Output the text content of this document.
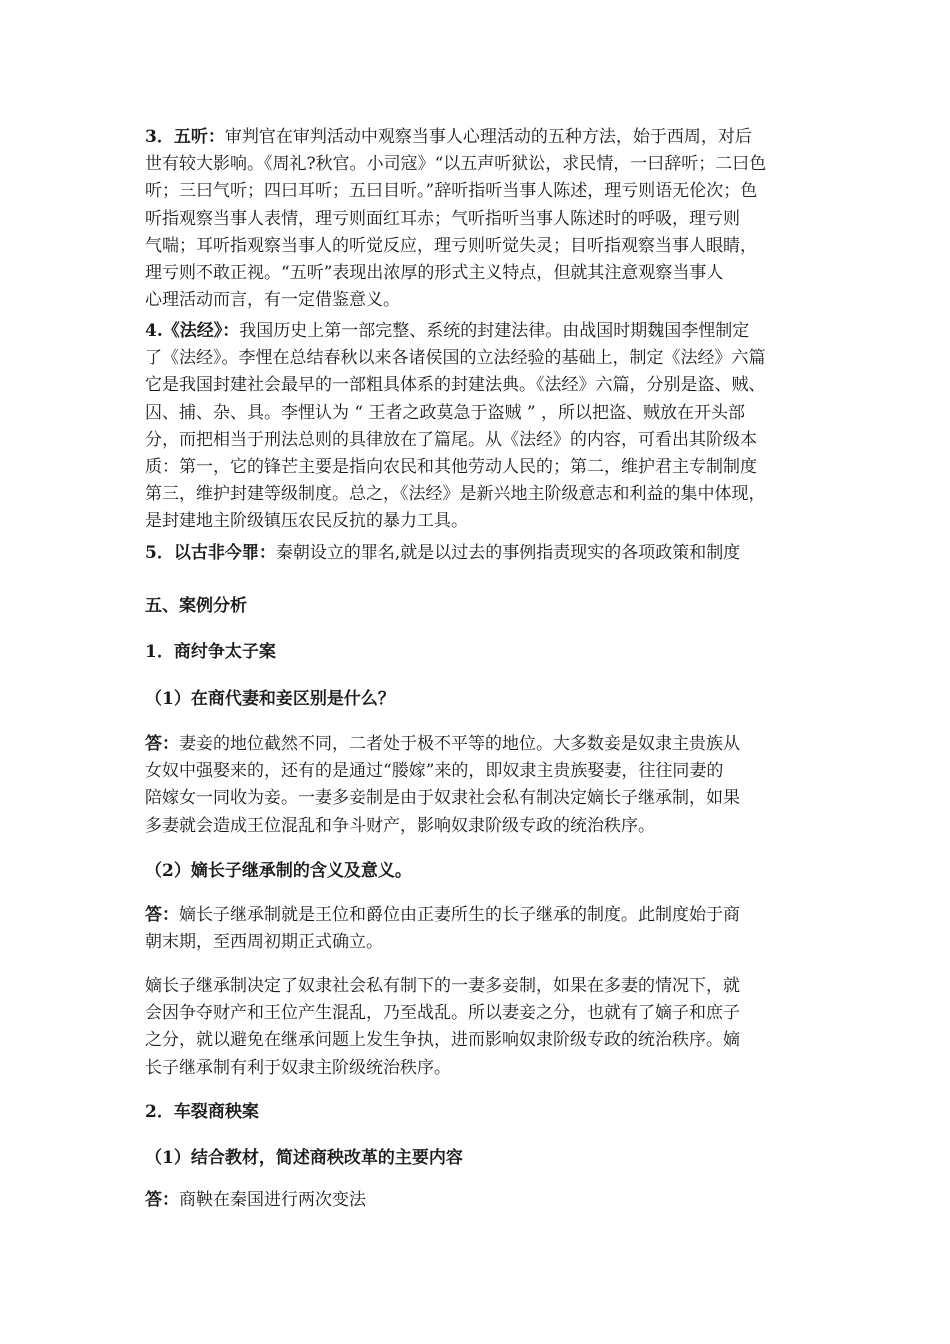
3．五听：审判官在审判活动中观察当事人心理活动的五种方法，始于西周，对后
世有较大影响。《周礼?秋官。小司寇》“以五声听狱讼，求民情，一曰辞听；二曰色
听；三曰气听；四曰耳听；五曰目听。”辞听指听当事人陈述，理亏则语无伦次；色
听指观察当事人表情，理亏则面红耳赤；气听指听当事人陈述时的呼吸，理亏则
气喘；耳听指观察当事人的听觉反应，理亏则听觉失灵；目听指观察当事人眼睛，
理亏则不敢正视。“五听”表现出浓厚的形式主义特点，但就其注意观察当事人
心理活动而言，有一定借鉴意义。
4.《法经》：我国历史上第一部完整、系统的封建法律。由战国时期魏国李悝制定
了《法经》。李悝在总结春秋以来各诸侯国的立法经验的基础上，制定《法经》六篇
它是我国封建社会最早的一部粗具体系的封建法典。《法经》六篇，分别是盗、贼、
囚、捕、杂、具。李悝认为 “ 王者之政莫急于盗贼 ” ，所以把盗、贼放在开头部
分，而把相当于刑法总则的具律放在了篇尾。从《法经》的内容，可看出其阶级本
质：第一，它的锋芒主要是指向农民和其他劳动人民的；第二，维护君主专制制度
第三，维护封建等级制度。总之，《法经》是新兴地主阶级意志和利益的集中体现，
是封建地主阶级镇压农民反抗的暴力工具。
5．以古非今罪：秦朝设立的罪名,就是以过去的事例指责现实的各项政策和制度
五、案例分析
1．商纣争太子案
（1）在商代妻和妾区别是什么？
答：妻妾的地位截然不同，二者处于极不平等的地位。大多数妾是奴隶主贵族从
女奴中强娶来的，还有的是通过“媵嫁”来的，即奴隶主贵族娶妻，往往同妻的
陪嫁女一同收为妾。一妻多妾制是由于奴隶社会私有制决定嫡长子继承制，如果
多妻就会造成王位混乱和争斗财产，影响奴隶阶级专政的统治秩序。
（2）嫡长子继承制的含义及意义。
答：嫡长子继承制就是王位和爵位由正妻所生的长子继承的制度。此制度始于商
朝末期，至西周初期正式确立。
嫡长子继承制决定了奴隶社会私有制下的一妻多妾制，如果在多妻的情况下，就
会因争夺财产和王位产生混乱，乃至战乱。所以妻妾之分，也就有了嫡子和庶子
之分，就以避免在继承问题上发生争执，进而影响奴隶阶级专政的统治秩序。嫡
长子继承制有利于奴隶主阶级统治秩序。
2．车裂商秧案
（1）结合教材，简述商秧改革的主要内容
答：商鞅在秦国进行两次变法
